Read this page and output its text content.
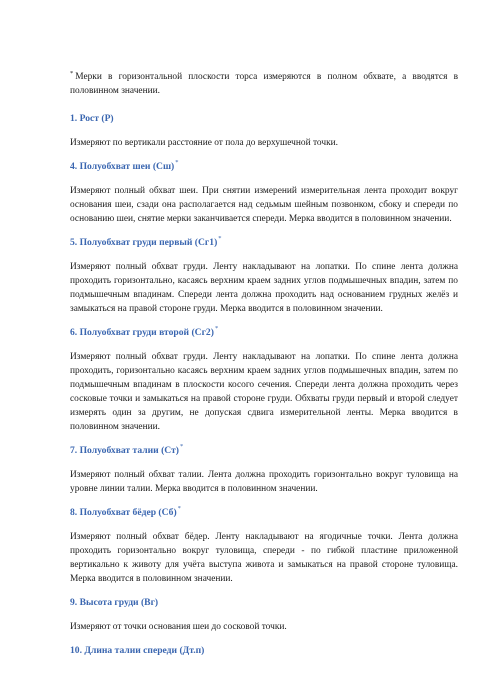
* Мерки в горизонтальной плоскости торса измеряются в полном обхвате, а вводятся в половинном значении.

1. Рост (Р)

Измеряют по вертикали расстояние от пола до верхушечной точки.

4. Полуобхват шеи (Сш)*

Измеряют полный обхват шеи. При снятии измерений измерительная лента проходит вокруг основания шеи, сзади она располагается над седьмым шейным позвонком, сбоку и спереди по основанию шеи, снятие мерки заканчивается спереди. Мерка вводится в половинном значении.

5. Полуобхват груди первый (Сг1)*

Измеряют полный обхват груди. Ленту накладывают на лопатки. По спине лента должна проходить горизонтально, касаясь верхним краем задних углов подмышечных впадин, затем по подмышечным впадинам. Спереди лента должна проходить над основанием грудных желёз и замыкаться на правой стороне груди. Мерка вводится в половинном значении.

6. Полуобхват груди второй (Сг2)*

Измеряют полный обхват груди. Ленту накладывают на лопатки. По спине лента должна проходить, горизонтально касаясь верхним краем задних углов подмышечных впадин, затем по подмышечным впадинам в плоскости косого сечения. Спереди лента должна проходить через сосковые точки и замыкаться на правой стороне груди. Обхваты груди первый и второй следует измерять один за другим, не допуская сдвига измерительной ленты. Мерка вводится в половинном значении.

7. Полуобхват талии (Ст)*

Измеряют полный обхват талии. Лента должна проходить горизонтально вокруг туловища на уровне линии талии. Мерка вводится в половинном значении.

8. Полуобхват бёдер (Сб)*

Измеряют полный обхват бёдер. Ленту накладывают на ягодичные точки. Лента должна проходить горизонтально вокруг туловища, спереди - по гибкой пластине приложенной вертикально к животу для учёта выступа живота и замыкаться на правой стороне туловища. Мерка вводится в половинном значении.

9. Высота груди (Вг)

Измеряют от точки основания шеи до сосковой точки.

10. Длина талии спереди (Дт.п)
